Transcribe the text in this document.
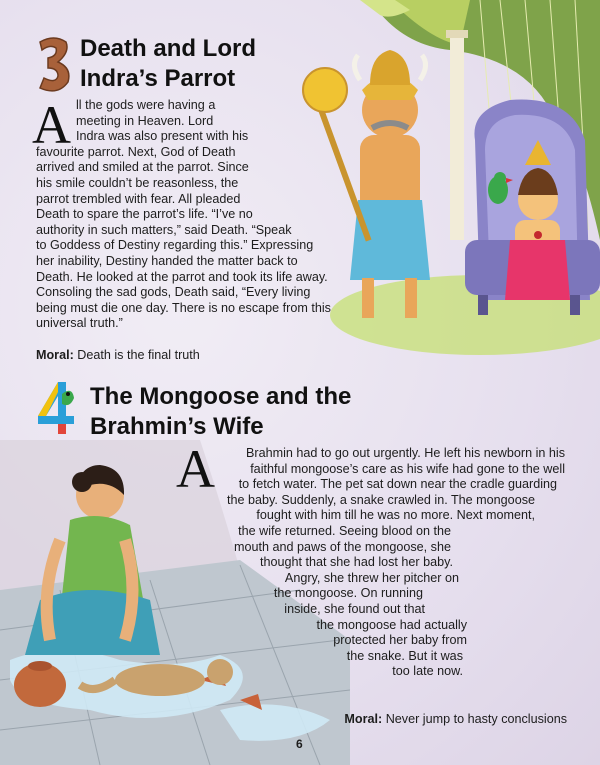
3
Death and Lord
Indra’s Parrot
A ll the gods were having a
meeting in Heaven. Lord
Indra was also present with his
favourite parrot. Next, God of Death
arrived and smiled at the parrot. Since
his smile couldn’t be reasonless, the
parrot trembled with fear. All pleaded
Death to spare the parrot’s life. “I’ve no
authority in such matters,” said Death. “Speak
to Goddess of Destiny regarding this.” Expressing
her inability, Destiny handed the matter back to
Death. He looked at the parrot and took its life away.
Consoling the sad gods, Death said, “Every living
being must die one day. There is no escape from this
universal truth.”
Moral: Death is the final truth
The Mongoose and the
Brahmin’s Wife
A	Brahmin had to go out urgently. He left his newborn in his
faithful mongoose’s care as his wife had gone to the well
to fetch water. The pet sat down near the cradle guarding
the baby. Suddenly, a snake crawled in. The mongoose
fought with him till he was no more. Next moment,
the wife returned. Seeing blood on the
mouth and paws of the mongoose, she
thought that she had lost her baby.
Angry, she threw her pitcher on
the mongoose. On running
inside, she found out that
the mongoose had actually
protected her baby from
the snake. But it was
too late now.
Moral: Never jump to hasty conclusions
6
